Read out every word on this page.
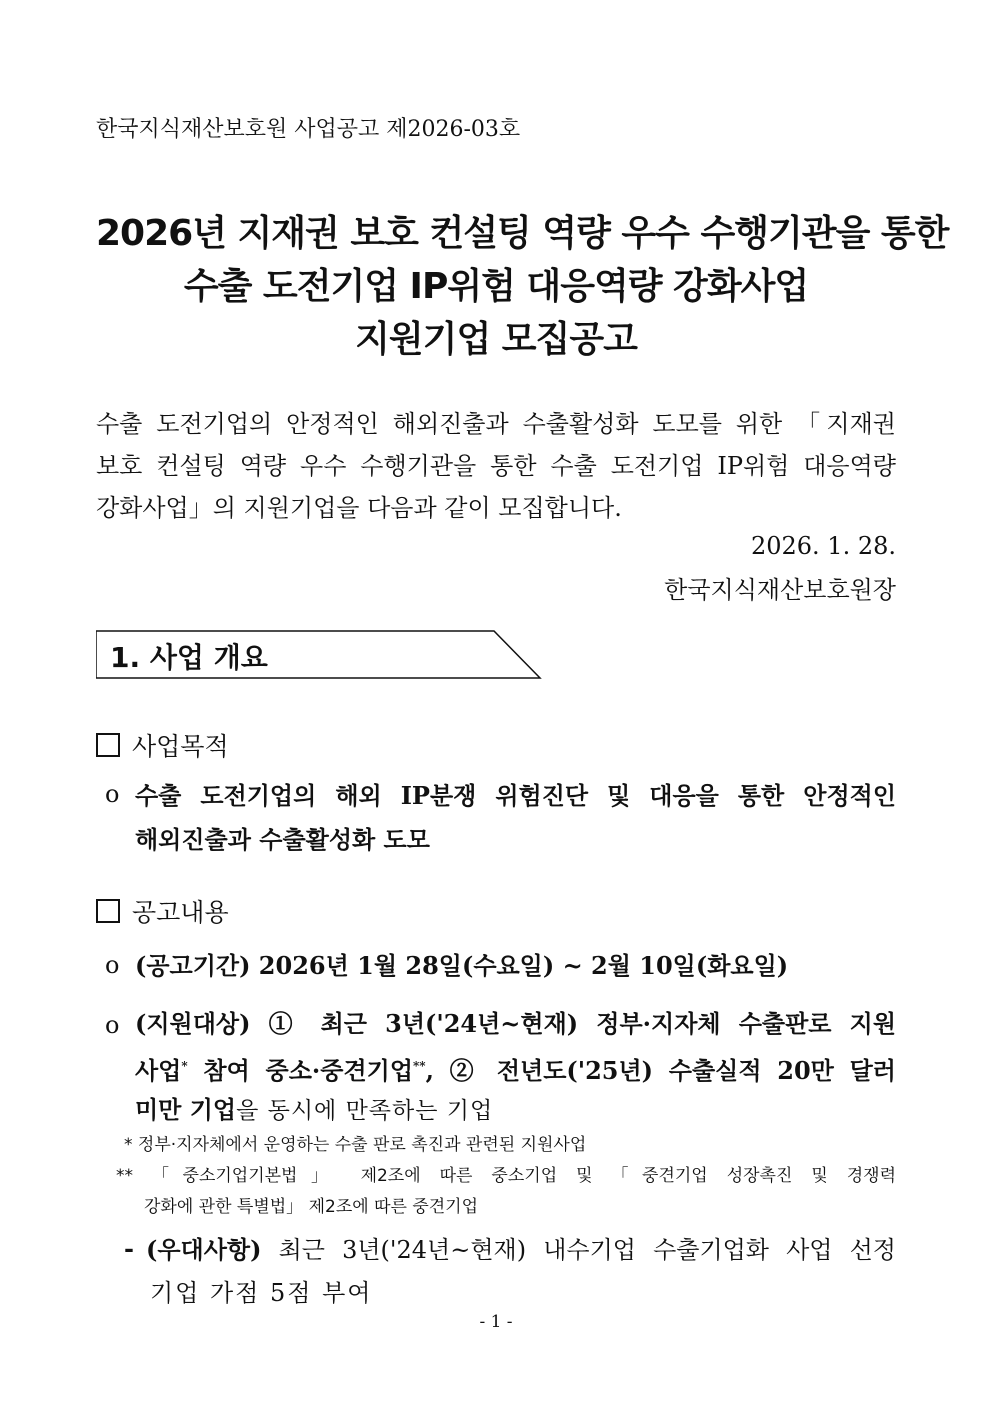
한국지식재산보호원 사업공고 제2026-03호
2026년 지재권 보호 컨설팅 역량 우수 수행기관을 통한
수출 도전기업 IP위험 대응역량 강화사업
지원기업 모집공고
수출 도전기업의 안정적인 해외진출과 수출활성화 도모를 위한 「지재권
보호 컨설팅 역량 우수 수행기관을 통한 수출 도전기업 IP위험 대응역량
강화사업」의 지원기업을 다음과 같이 모집합니다.
2026. 1. 28.
한국지식재산보호원장
1. 사업 개요
사업목적
o 수출 도전기업의 해외 IP분쟁 위험진단 및 대응을 통한 안정적인
해외진출과 수출활성화 도모
공고내용
o (공고기간) 2026년 1월 28일(수요일) ~ 2월 10일(화요일)
o (지원대상) ① 최근 3년('24년~현재) 정부·지자체 수출판로 지원
사업* 참여 중소·중견기업**, ② 전년도('25년) 수출실적 20만 달러
미만 기업을 동시에 만족하는 기업
* 정부·지자체에서 운영하는 수출 판로 촉진과 관련된 지원사업
** 「중소기업기본법」 제2조에 따른 중소기업 및 「중견기업 성장촉진 및 경쟁력
강화에 관한 특별법」 제2조에 따른 중견기업
- (우대사항) 최근 3년('24년~현재) 내수기업 수출기업화 사업 선정
기업 가점 5점 부여
- 1 -
